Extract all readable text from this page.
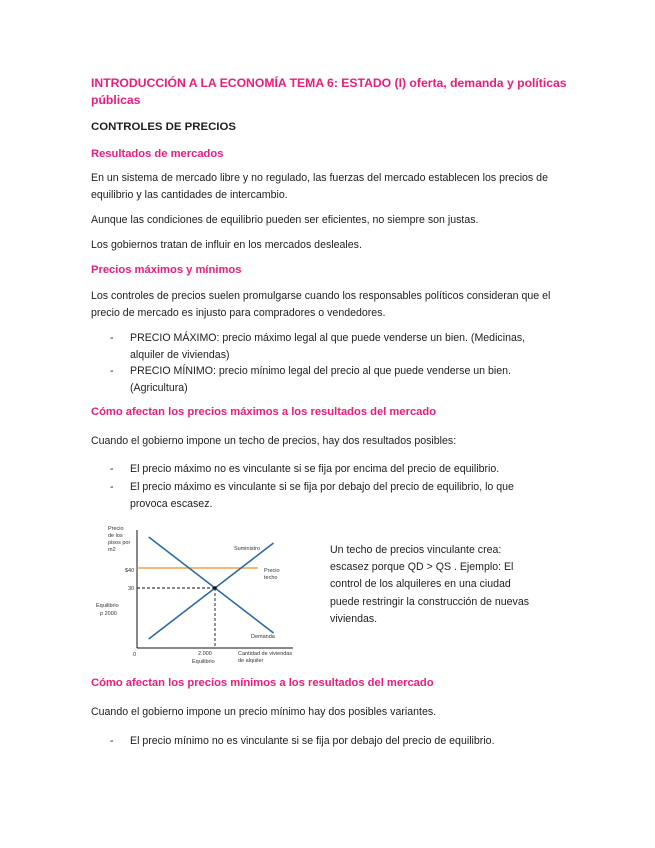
INTRODUCCIÓN A LA ECONOMÍA TEMA 6: ESTADO (I) oferta, demanda y políticas públicas
CONTROLES DE PRECIOS
Resultados de mercados
En un sistema de mercado libre y no regulado, las fuerzas del mercado establecen los precios de equilibrio y las cantidades de intercambio.
Aunque las condiciones de equilibrio pueden ser eficientes, no siempre son justas.
Los gobiernos tratan de influir en los mercados desleales.
Precios máximos y mínimos
Los controles de precios suelen promulgarse cuando los responsables políticos consideran que el precio de mercado es injusto para compradores o vendedores.
- PRECIO MÁXIMO: precio máximo legal al que puede venderse un bien. (Medicinas, alquiler de viviendas)
- PRECIO MÍNIMO: precio mínimo legal del precio al que puede venderse un bien. (Agricultura)
Cómo afectan los precios máximos a los resultados del mercado
Cuando el gobierno impone un techo de precios, hay dos resultados posibles:
- El precio máximo no es vinculante si se fija por encima del precio de equilibrio.
- El precio máximo es vinculante si se fija por debajo del precio de equilibrio, lo que provoca escasez.
Precio
de los
pisos por
m2	Suministro
Demanda
Precio
techo
$40
30
Equilibrio
p 2000
0	2.000
Equilibrio
Cantidad de viviendas
de alquiler
Un techo de precios vinculante crea: escasez porque QD > QS . Ejemplo: El control de los alquileres en una ciudad puede restringir la construcción de nuevas viviendas.
Cómo afectan los precios mínimos a los resultados del mercado
Cuando el gobierno impone un precio mínimo hay dos posibles variantes.
- El precio mínimo no es vinculante si se fija por debajo del precio de equilibrio.
